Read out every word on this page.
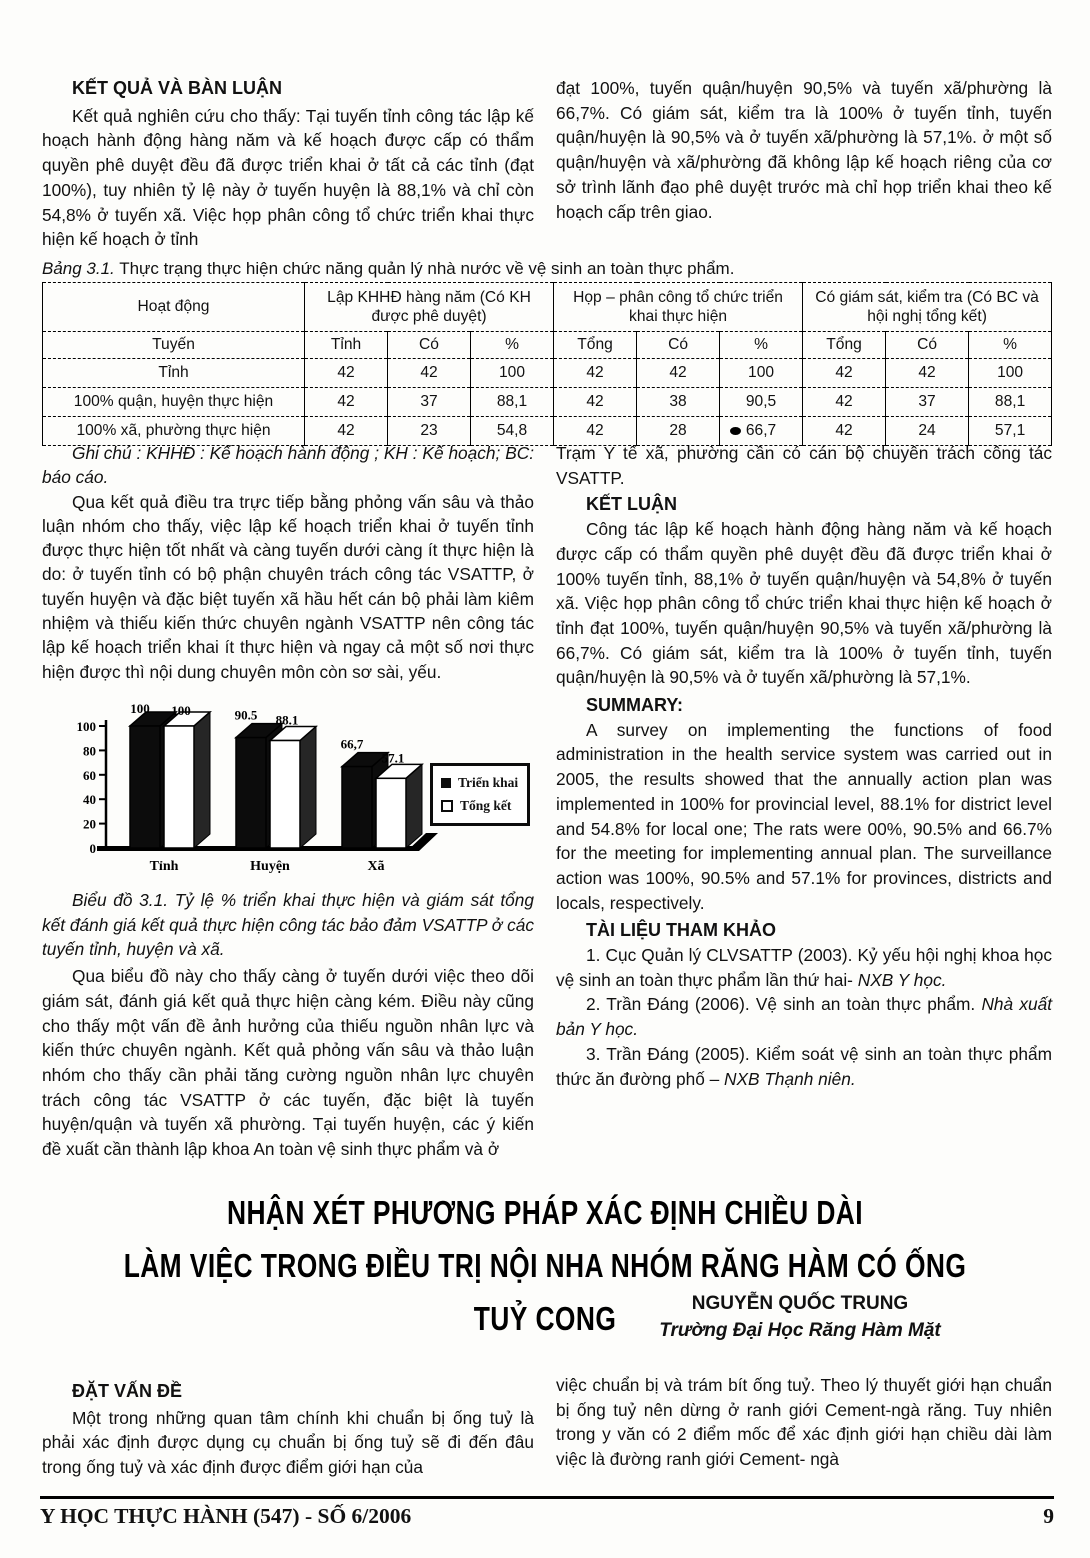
KẾT QUẢ VÀ BÀN LUẬN

Kết quả nghiên cứu cho thấy: Tại tuyến tỉnh công tác lập kế hoạch hành động hàng năm và kế hoạch được cấp có thẩm quyền phê duyệt đều đã được triển khai ở tất cả các tỉnh (đạt 100%), tuy nhiên tỷ lệ này ở tuyến huyện là 88,1% và chỉ còn 54,8% ở tuyến xã. Việc họp phân công tổ chức triển khai thực hiện kế hoạch ở tỉnh

đạt 100%, tuyến quận/huyện 90,5% và tuyến xã/phường là 66,7%. Có giám sát, kiểm tra là 100% ở tuyến tỉnh, tuyến quận/huyện là 90,5% và ở tuyến xã/phường là 57,1%. ở một số quận/huyện và xã/phường đã không lập kế hoạch riêng của cơ sở trình lãnh đạo phê duyệt trước mà chỉ họp triển khai theo kế hoạch cấp trên giao.

Bảng 3.1. Thực trạng thực hiện chức năng quản lý nhà nước về vệ sinh an toàn thực phẩm.

Hoạt động	Lập KHHĐ hàng năm (Có KH được phê duyệt)			Họp – phân công tổ chức triển khai thực hiện			Có giám sát, kiểm tra (Có BC và hội nghị tổng kết)		
Tuyến	Tỉnh	Có	%	Tổng	Có	%	Tổng	Có	%
Tỉnh	42	42	100	42	42	100	42	42	100
100% quận, huyện thực hiện	42	37	88,1	42	38	90,5	42	37	88,1
100% xã, phường thực hiện	42	23	54,8	42	28	66,7	42	24	57,1

Ghi chú : KHHĐ : Kế hoạch hành động ; KH : Kế hoạch; BC: báo cáo.

Qua kết quả điều tra trực tiếp bằng phỏng vấn sâu và thảo luận nhóm cho thấy, việc lập kế hoạch triển khai ở tuyến tỉnh được thực hiện tốt nhất và càng tuyến dưới càng ít thực hiện là do: ở tuyến tỉnh có bộ phận chuyên trách công tác VSATTP, ở tuyến huyện và đặc biệt tuyến xã hầu hết cán bộ phải làm kiêm nhiệm và thiếu kiến thức chuyên ngành VSATTP nên công tác lập kế hoạch triển khai ít thực hiện và ngay cả một số nơi thực hiện được thì nội dung chuyên môn còn sơ sài, yếu.

0
20
40
60
80
100
Tỉnh
100 100
Huyện
90.5 88.1
Xã
66,7
57.1
Triển khai
Tổng kết

Biểu đồ 3.1. Tỷ lệ % triển khai thực hiện và giám sát tổng kết đánh giá kết quả thực hiện công tác bảo đảm VSATTP ở các tuyến tỉnh, huyện và xã.

Qua biểu đồ này cho thấy càng ở tuyến dưới việc theo dõi giám sát, đánh giá kết quả thực hiện càng kém. Điều này cũng cho thấy một vấn đề ảnh hưởng của thiếu nguồn nhân lực và kiến thức chuyên ngành. Kết quả phỏng vấn sâu và thảo luận nhóm cho thấy cần phải tăng cường nguồn nhân lực chuyên trách công tác VSATTP ở các tuyến, đặc biệt là tuyến huyện/quận và tuyến xã phường. Tại tuyến huyện, các ý kiến đề xuất cần thành lập khoa An toàn vệ sinh thực phẩm và ở

Trạm Y tế xã, phường cần có cán bộ chuyên trách công tác VSATTP.

KẾT LUẬN

Công tác lập kế hoạch hành động hàng năm và kế hoạch được cấp có thẩm quyền phê duyệt đều đã được triển khai ở 100% tuyến tỉnh, 88,1% ở tuyến quận/huyện và 54,8% ở tuyến xã. Việc họp phân công tổ chức triển khai thực hiện kế hoạch ở tỉnh đạt 100%, tuyến quận/huyện 90,5% và tuyến xã/phường là 66,7%. Có giám sát, kiểm tra là 100% ở tuyến tỉnh, tuyến quận/huyện là 90,5% và ở tuyến xã/phường là 57,1%.

SUMMARY:

A survey on implementing the functions of food administration in the health service system was carried out in 2005, the results showed that the annually action plan was implemented in 100% for provincial level, 88.1% for district level and 54.8% for local one; The rats were 00%, 90.5% and 66.7% for the meeting for implementing annual plan. The surveillance action was 100%, 90.5% and 57.1% for provinces, districts and locals, respectively.

TÀI LIỆU THAM KHẢO

1. Cục Quản lý CLVSATTP (2003). Kỷ yếu hội nghị khoa học vệ sinh an toàn thực phẩm lần thứ hai- NXB Y học.

2. Trần Đáng (2006). Vệ sinh an toàn thực phẩm. Nhà xuất bản Y học.

3. Trần Đáng (2005). Kiểm soát vệ sinh an toàn thực phẩm thức ăn đường phố – NXB Thạnh niên.

NHẬN XÉT PHƯƠNG PHÁP XÁC ĐỊNH CHIỀU DÀI
LÀM VIỆC TRONG ĐIỀU TRỊ NỘI NHA NHÓM RĂNG HÀM CÓ ỐNG TUỶ CONG	NGUYỄN QUỐC TRUNG

Trường Đại Học Răng Hàm Mặt

ĐẶT VẤN ĐỀ

Một trong những quan tâm chính khi chuẩn bị ống tuỷ là phải xác định được dụng cụ chuẩn bị ống tuỷ sẽ đi đến đâu trong ống tuỷ và xác định được điểm giới hạn của

việc chuẩn bị và trám bít ống tuỷ. Theo lý thuyết giới hạn chuẩn bị ống tuỷ nên dừng ở ranh giới Cement-ngà răng. Tuy nhiên trong y văn có 2 điểm mốc để xác định giới hạn chiều dài làm việc là đường ranh giới Cement- ngà

Y HỌC THỰC HÀNH (547) - SỐ 6/2006	9
